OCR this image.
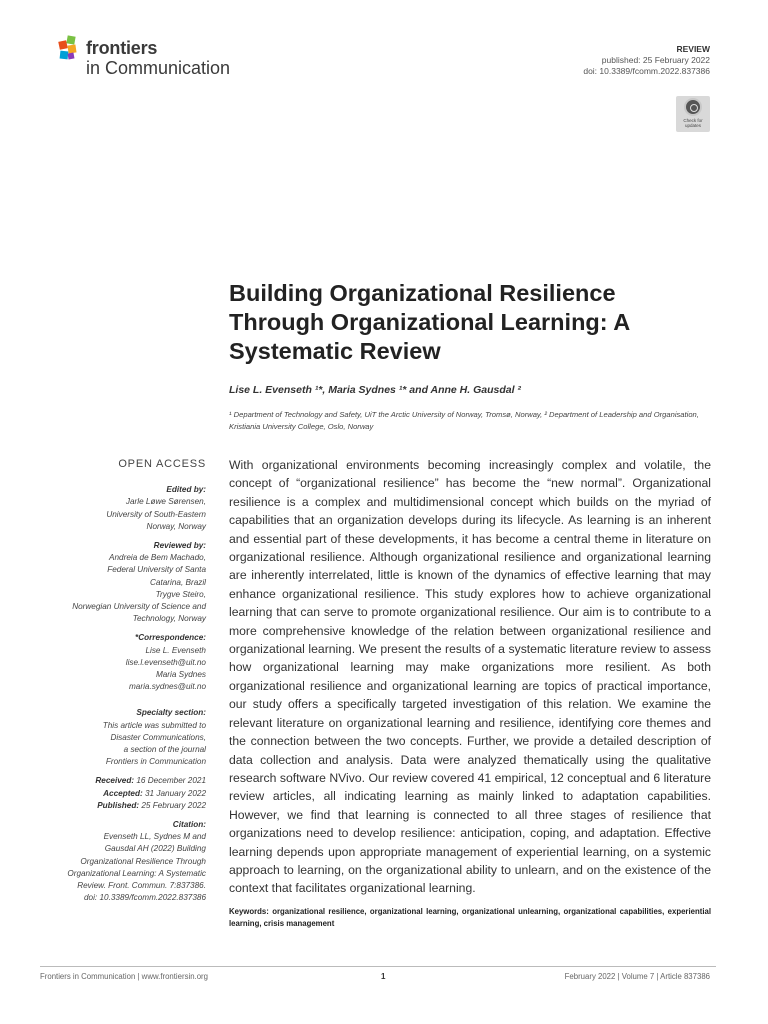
frontiers
in Communication
REVIEW
published: 25 February 2022
doi: 10.3389/fcomm.2022.837386
Check for updates
Building Organizational Resilience Through Organizational Learning: A Systematic Review
Lise L. Evenseth ¹*, Maria Sydnes ¹* and Anne H. Gausdal ²
¹ Department of Technology and Safety, UiT the Arctic University of Norway, Tromsø, Norway, ² Department of Leadership and Organisation, Kristiania University College, Oslo, Norway
OPEN ACCESS
Edited by:
Jarle Løwe Sørensen,
University of South-Eastern
Norway, Norway
Reviewed by:
Andreia de Bem Machado,
Federal University of Santa
Catarina, Brazil
Trygve Steiro,
Norwegian University of Science and
Technology, Norway
*Correspondence:
Lise L. Evenseth
lise.l.evenseth@uit.no
Maria Sydnes
maria.sydnes@uit.no
Specialty section:
This article was submitted to
Disaster Communications,
a section of the journal
Frontiers in Communication
Received: 16 December 2021
Accepted: 31 January 2022
Published: 25 February 2022
Citation:
Evenseth LL, Sydnes M and
Gausdal AH (2022) Building
Organizational Resilience Through
Organizational Learning: A Systematic
Review. Front. Commun. 7:837386.
doi: 10.3389/fcomm.2022.837386
With organizational environments becoming increasingly complex and volatile, the concept of “organizational resilience” has become the “new normal”. Organizational resilience is a complex and multidimensional concept which builds on the myriad of capabilities that an organization develops during its lifecycle. As learning is an inherent and essential part of these developments, it has become a central theme in literature on organizational resilience. Although organizational resilience and organizational learning are inherently interrelated, little is known of the dynamics of effective learning that may enhance organizational resilience. This study explores how to achieve organizational learning that can serve to promote organizational resilience. Our aim is to contribute to a more comprehensive knowledge of the relation between organizational resilience and organizational learning. We present the results of a systematic literature review to assess how organizational learning may make organizations more resilient. As both organizational resilience and organizational learning are topics of practical importance, our study offers a specifically targeted investigation of this relation. We examine the relevant literature on organizational learning and resilience, identifying core themes and the connection between the two concepts. Further, we provide a detailed description of data collection and analysis. Data were analyzed thematically using the qualitative research software NVivo. Our review covered 41 empirical, 12 conceptual and 6 literature review articles, all indicating learning as mainly linked to adaptation capabilities. However, we find that learning is connected to all three stages of resilience that organizations need to develop resilience: anticipation, coping, and adaptation. Effective learning depends upon appropriate management of experiential learning, on a systemic approach to learning, on the organizational ability to unlearn, and on the existence of the context that facilitates organizational learning.
Keywords: organizational resilience, organizational learning, organizational unlearning, organizational capabilities, experiential learning, crisis management
Frontiers in Communication | www.frontiersin.org	1	February 2022 | Volume 7 | Article 837386
